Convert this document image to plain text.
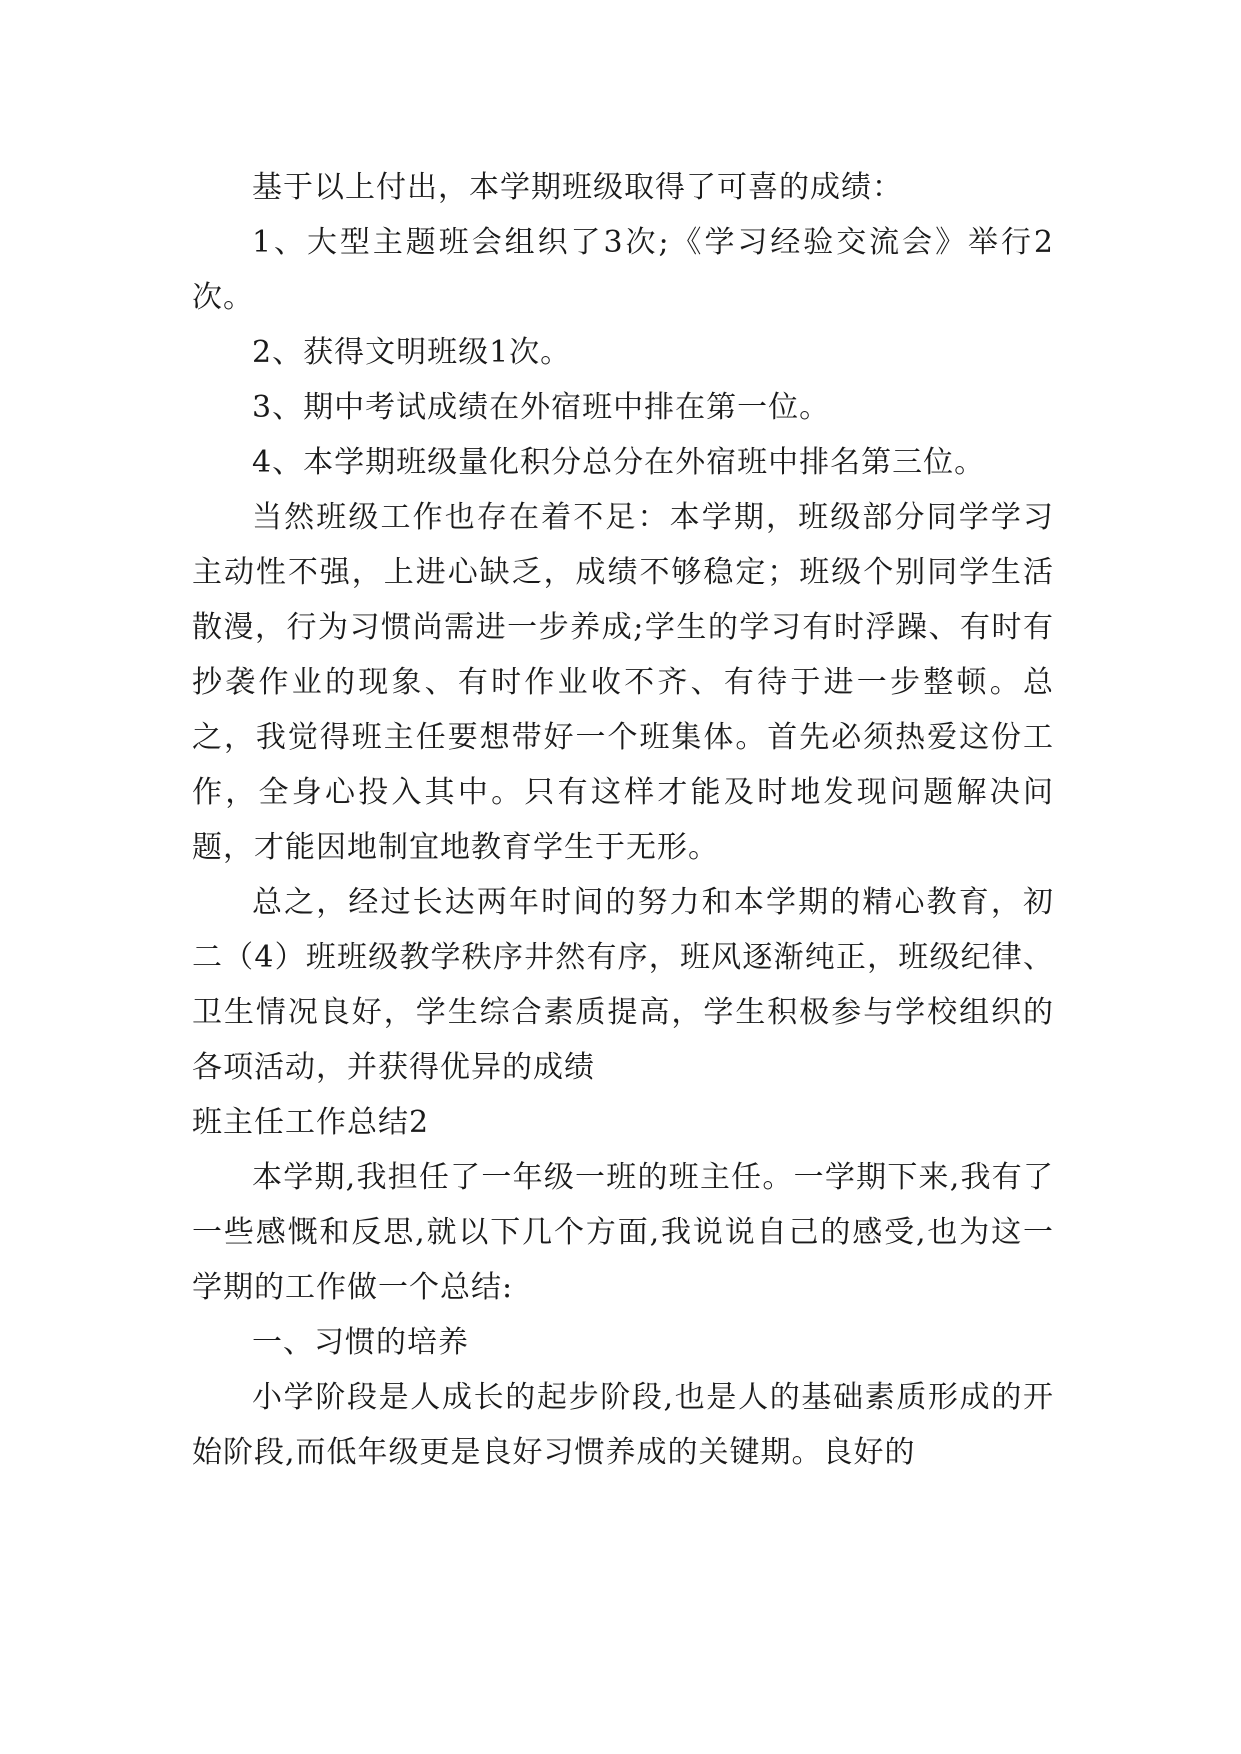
基于以上付出，本学期班级取得了可喜的成绩：

1、大型主题班会组织了3次;《学习经验交流会》举行2次。

2、获得文明班级1次。

3、期中考试成绩在外宿班中排在第一位。

4、本学期班级量化积分总分在外宿班中排名第三位。

当然班级工作也存在着不足：本学期，班级部分同学学习主动性不强，上进心缺乏，成绩不够稳定；班级个别同学生活散漫，行为习惯尚需进一步养成;学生的学习有时浮躁、有时有抄袭作业的现象、有时作业收不齐、有待于进一步整顿。总之，我觉得班主任要想带好一个班集体。首先必须热爱这份工作，全身心投入其中。只有这样才能及时地发现问题解决问题，才能因地制宜地教育学生于无形。

总之，经过长达两年时间的努力和本学期的精心教育，初二（4）班班级教学秩序井然有序，班风逐渐纯正，班级纪律、卫生情况良好，学生综合素质提高，学生积极参与学校组织的各项活动，并获得优异的成绩

班主任工作总结2

本学期,我担任了一年级一班的班主任。一学期下来,我有了一些感慨和反思,就以下几个方面,我说说自己的感受,也为这一学期的工作做一个总结:

一、习惯的培养

小学阶段是人成长的起步阶段,也是人的基础素质形成的开始阶段,而低年级更是良好习惯养成的关键期。良好的
